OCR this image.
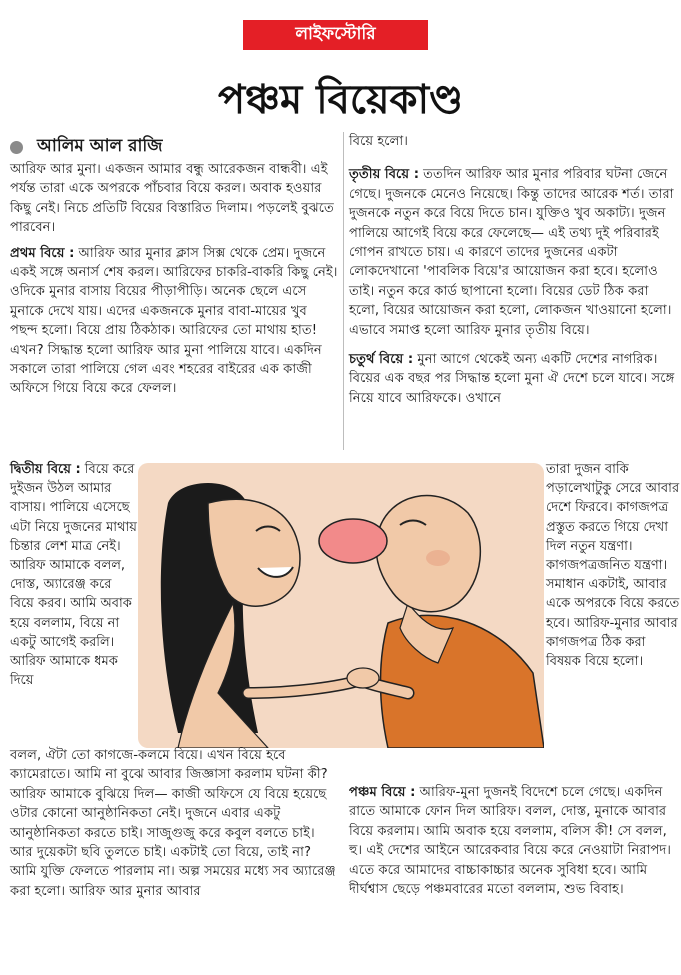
লাইফস্টোরি
পঞ্চম বিয়েকাণ্ড
আলিম আল রাজি

আরিফ আর মুনা। একজন আমার বন্ধু আরেকজন বান্ধবী। এই পর্যন্ত তারা একে অপরকে পাঁচবার বিয়ে করল। অবাক হওয়ার কিছু নেই। নিচে প্রতিটি বিয়ের বিস্তারিত দিলাম। পড়লেই বুঝতে পারবেন।

প্রথম বিয়ে : আরিফ আর মুনার ক্লাস সিক্স থেকে প্রেম। দুজনে একই সঙ্গে অনার্স শেষ করল। আরিফের চাকরি-বাকরি কিছু নেই। ওদিকে মুনার বাসায় বিয়ের পীড়াপীড়ি। অনেক ছেলে এসে মুনাকে দেখে যায়। এদের একজনকে মুনার বাবা-মায়ের খুব পছন্দ হলো। বিয়ে প্রায় ঠিকঠাক। আরিফের তো মাথায় হাত! এখন? সিদ্ধান্ত হলো আরিফ আর মুনা পালিয়ে যাবে। একদিন সকালে তারা পালিয়ে গেল এবং শহরের বাইরের এক কাজী অফিসে গিয়ে বিয়ে করে ফেলল।

বিয়ে হলো।

তৃতীয় বিয়ে : ততদিন আরিফ আর মুনার পরিবার ঘটনা জেনে গেছে। দুজনকে মেনেও নিয়েছে। কিন্তু তাদের আরেক শর্ত। তারা দুজনকে নতুন করে বিয়ে দিতে চান। যুক্তিও খুব অকাট্য। দুজন পালিয়ে আগেই বিয়ে করে ফেলেছে— এই তথ্য দুই পরিবারই গোপন রাখতে চায়। এ কারণে তাদের দুজনের একটা লোকদেখানো 'পাবলিক বিয়ে'র আয়োজন করা হবে। হলোও তাই। নতুন করে কার্ড ছাপানো হলো। বিয়ের ডেট ঠিক করা হলো, বিয়ের আয়োজন করা হলো, লোকজন খাওয়ানো হলো। এভাবে সমাপ্ত হলো আরিফ মুনার তৃতীয় বিয়ে।

চতুর্থ বিয়ে : মুনা আগে থেকেই অন্য একটি দেশের নাগরিক। বিয়ের এক বছর পর সিদ্ধান্ত হলো মুনা ঐ দেশে চলে যাবে। সঙ্গে নিয়ে যাবে আরিফকে। ওখানে

দ্বিতীয় বিয়ে : বিয়ে করে দুইজন উঠল আমার বাসায়। পালিয়ে এসেছে এটা নিয়ে দুজনের মাথায় চিন্তার লেশ মাত্র নেই। আরিফ আমাকে বলল, দোস্ত, অ্যারেঞ্জ করে বিয়ে করব। আমি অবাক হয়ে বললাম, বিয়ে না একটু আগেই করলি। আরিফ আমাকে ধমক দিয়ে
তারা দুজন বাকি পড়ালেখাটুকু সেরে আবার দেশে ফিরবে। কাগজপত্র প্রস্তুত করতে গিয়ে দেখা দিল নতুন যন্ত্রণা। কাগজপত্রজনিত যন্ত্রণা। সমাধান একটাই, আবার একে অপরকে বিয়ে করতে হবে। আরিফ-মুনার আবার কাগজপত্র ঠিক করা বিষয়ক বিয়ে হলো।
বলল, ঐটা তো কাগজে-কলমে বিয়ে। এখন বিয়ে হবে ক্যামেরাতে। আমি না বুঝে আবার জিজ্ঞাসা করলাম ঘটনা কী? আরিফ আমাকে বুঝিয়ে দিল— কাজী অফিসে যে বিয়ে হয়েছে ওটার কোনো আনুষ্ঠানিকতা নেই। দুজনে এবার একটু আনুষ্ঠানিকতা করতে চাই। সাজুগুজু করে কবুল বলতে চাই। আর দুয়েকটা ছবি তুলতে চাই। একটাই তো বিয়ে, তাই না? আমি যুক্তি ফেলতে পারলাম না। অল্প সময়ের মধ্যে সব অ্যারেঞ্জ করা হলো। আরিফ আর মুনার আবার
পঞ্চম বিয়ে : আরিফ-মুনা দুজনই বিদেশে চলে গেছে। একদিন রাতে আমাকে ফোন দিল আরিফ। বলল, দোস্ত, মুনাকে আবার বিয়ে করলাম। আমি অবাক হয়ে বললাম, বলিস কী! সে বলল, হু। এই দেশের আইনে আরেকবার বিয়ে করে নেওয়াটা নিরাপদ। এতে করে আমাদের বাচ্চাকাচ্চার অনেক সুবিধা হবে। আমি দীর্ঘশ্বাস ছেড়ে পঞ্চমবারের মতো বললাম, শুভ বিবাহ।
